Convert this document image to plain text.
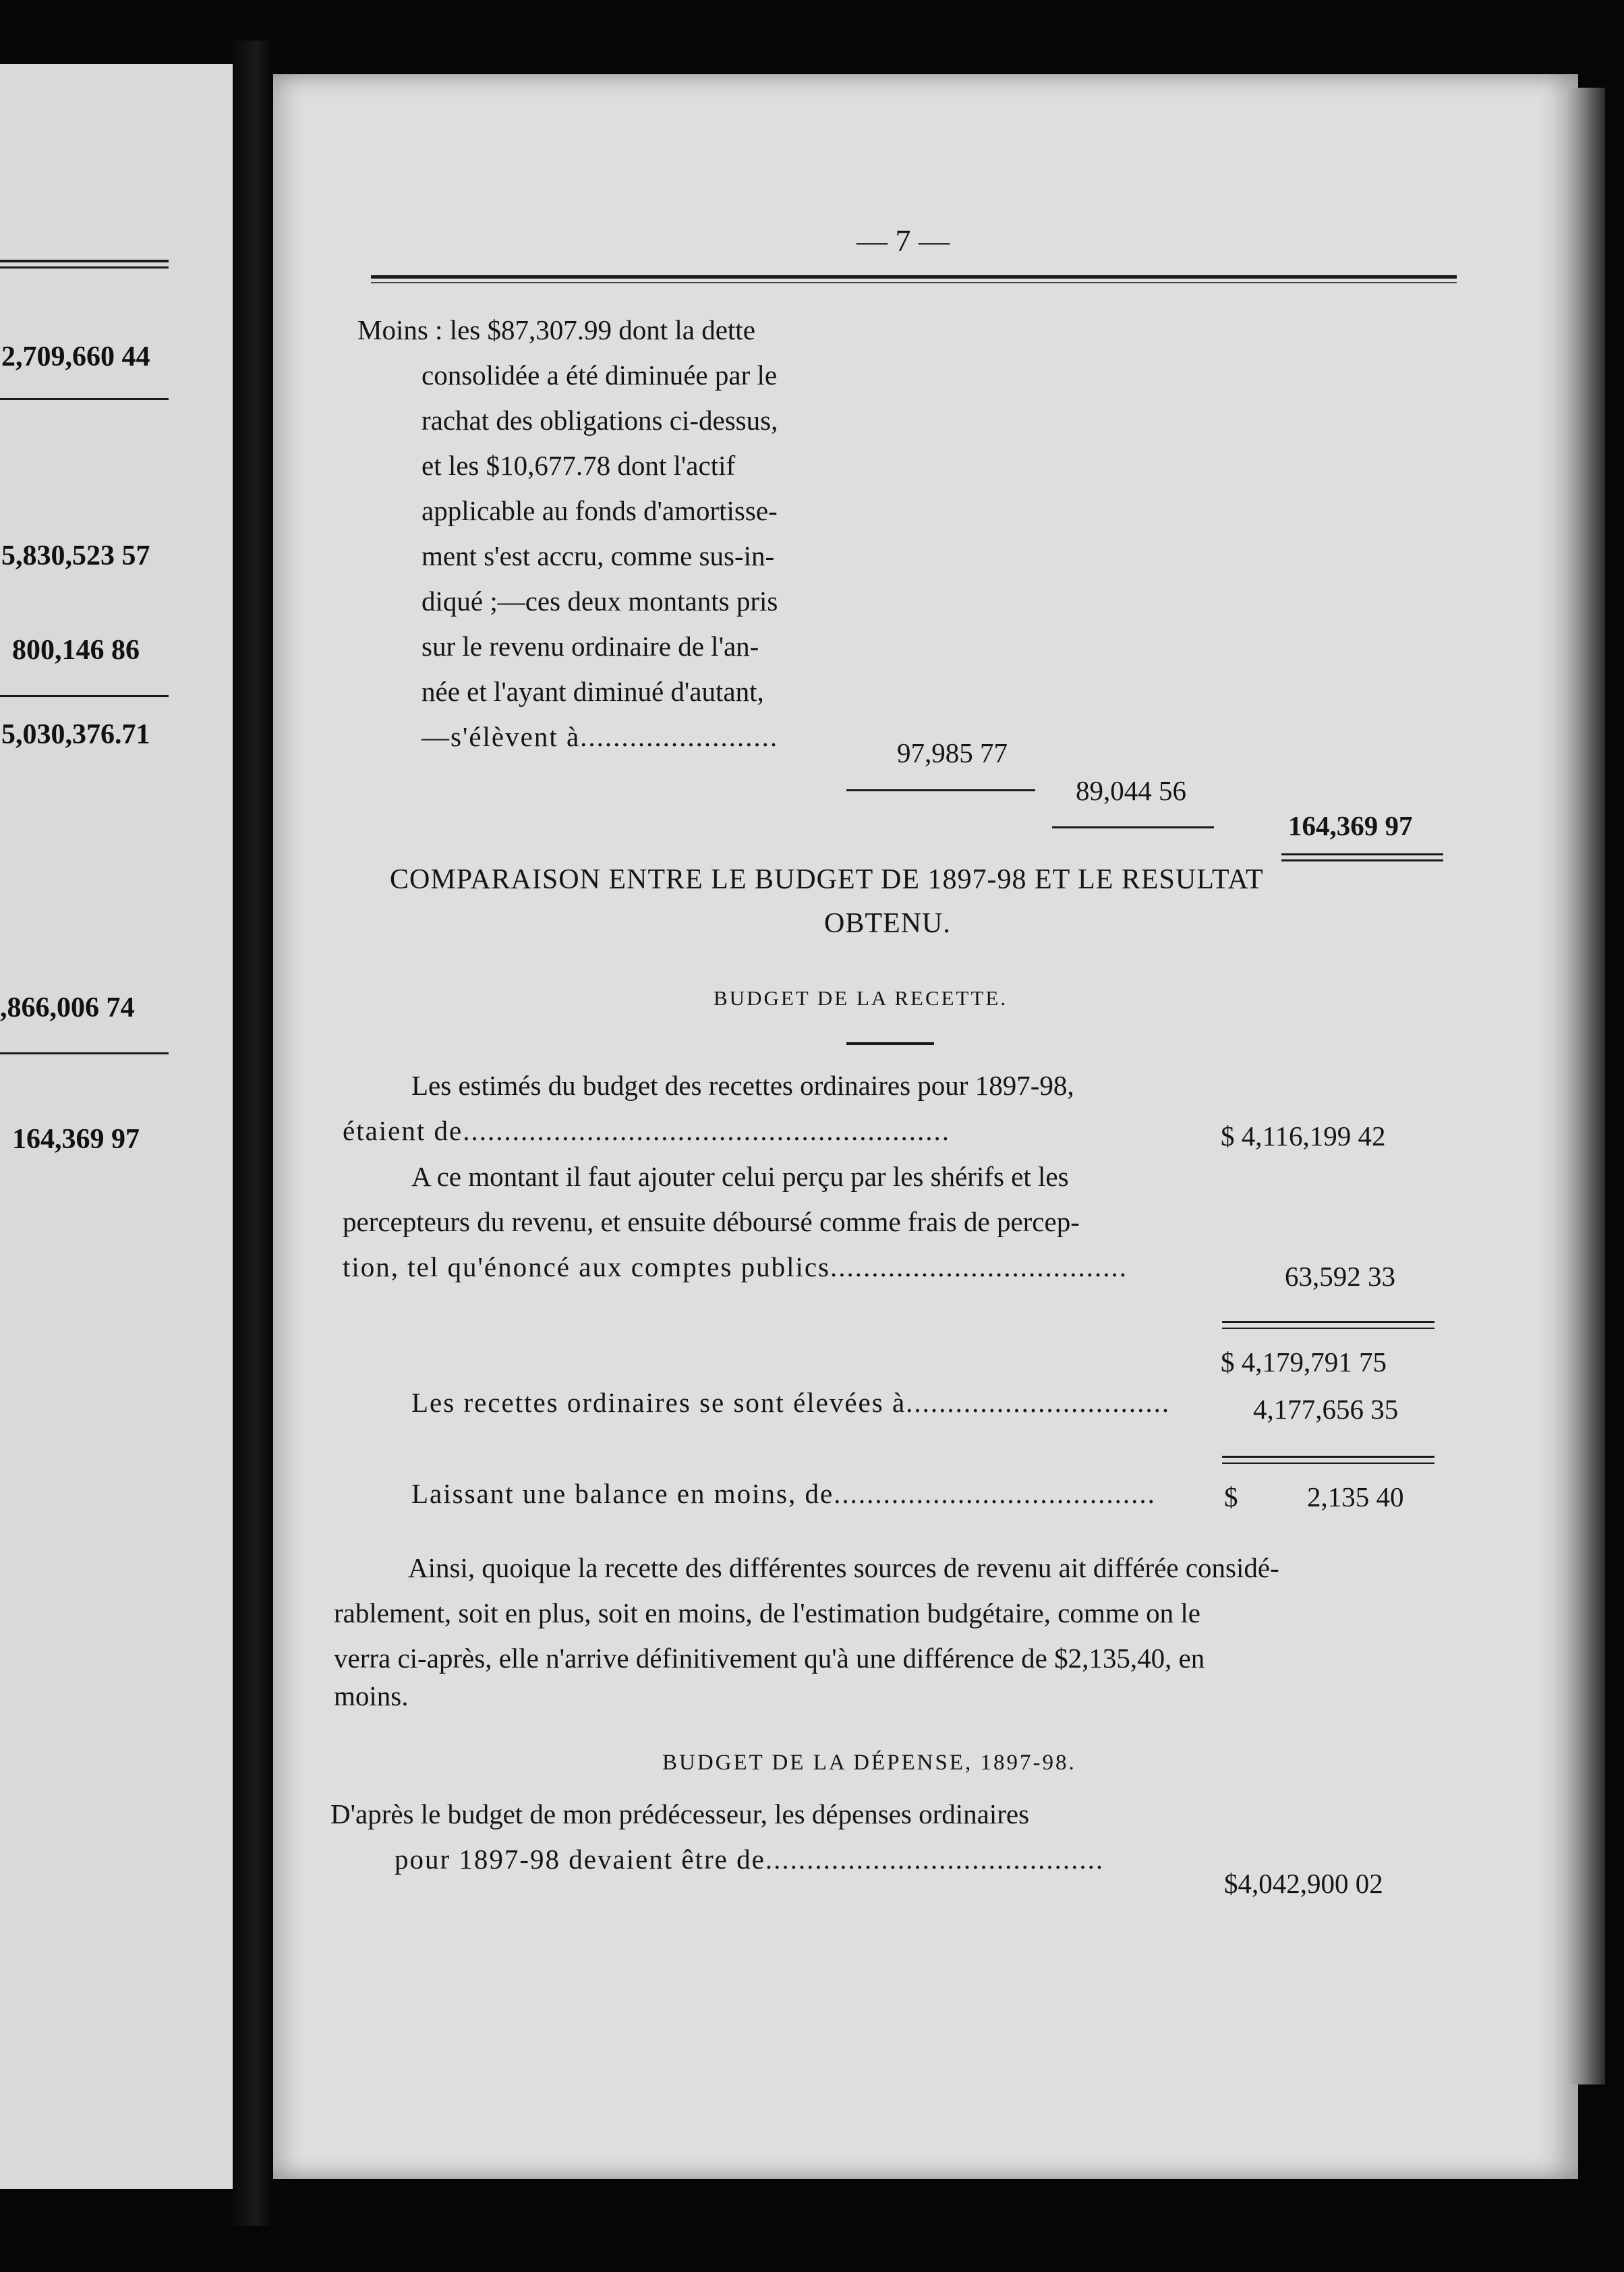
2,709,660 44
5,830,523 57
800,146 86
5,030,376.71
,866,006 74
164,369 97
— 7 —
Moins : les $87,307.99 dont la dette
consolidée a été diminuée par le
rachat des obligations ci-dessus,
et les $10,677.78 dont l'actif
applicable au fonds d'amortisse-
ment s'est accru, comme sus-in-
diqué ;—ces deux montants pris
sur le revenu ordinaire de l'an-
née et l'ayant diminué d'autant,
—s'élèvent à........................
97,985 77
89,044 56
164,369 97
COMPARAISON ENTRE LE BUDGET DE 1897-98 ET LE RESULTAT
OBTENU.
BUDGET DE LA RECETTE.
Les estimés du budget des recettes ordinaires pour 1897-98,
étaient de...........................................................	$ 4,116,199 42
A ce montant il faut ajouter celui perçu par les shérifs et les
percepteurs du revenu, et ensuite déboursé comme frais de percep-
tion, tel qu'énoncé aux comptes publics....................................	63,592 33
$ 4,179,791 75
Les recettes ordinaires se sont élevées à................................	4,177,656 35
Laissant une balance en moins, de....................................... $	2,135 40
Ainsi, quoique la recette des différentes sources de revenu ait différée considé-
rablement, soit en plus, soit en moins, de l'estimation budgétaire, comme on le
verra ci-après, elle n'arrive définitivement qu'à une différence de $2,135,40, en
moins.
BUDGET DE LA DÉPENSE, 1897-98.
D'après le budget de mon prédécesseur, les dépenses ordinaires
pour 1897-98 devaient être de.........................................
$4,042,900 02
